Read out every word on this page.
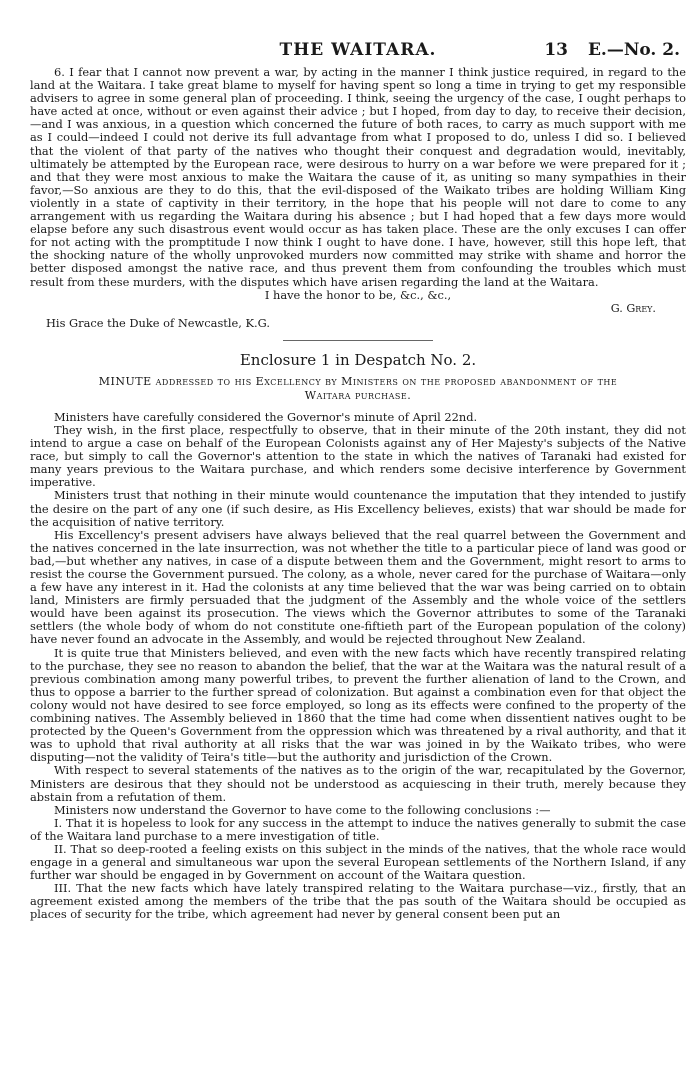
THE WAITARA.	13 E.—No. 2.

6. I fear that I cannot now prevent a war, by acting in the manner I think justice required, in regard to the land at the Waitara. I take great blame to myself for having spent so long a time in trying to get my responsible advisers to agree in some general plan of proceeding. I think, seeing the urgency of the case, I ought perhaps to have acted at once, without or even against their advice ; but I hoped, from day to day, to receive their decision,—and I was anxious, in a question which concerned the future of both races, to carry as much support with me as I could—indeed I could not derive its full advantage from what I proposed to do, unless I did so. I believed that the violent of that party of the natives who thought their conquest and degradation would, inevitably, ultimately be attempted by the European race, were desirous to hurry on a war before we were prepared for it ; and that they were most anxious to make the Waitara the cause of it, as uniting so many sympathies in their favor,—So anxious are they to do this, that the evil-disposed of the Waikato tribes are holding William King violently in a state of captivity in their territory, in the hope that his people will not dare to come to any arrangement with us regarding the Waitara during his absence ; but I had hoped that a few days more would elapse before any such disastrous event would occur as has taken place. These are the only excuses I can offer for not acting with the promptitude I now think I ought to have done. I have, however, still this hope left, that the shocking nature of the wholly unprovoked murders now committed may strike with shame and horror the better disposed amongst the native race, and thus prevent them from confounding the troubles which must result from these murders, with the disputes which have arisen regarding the land at the Waitara.

I have the honor to be, &c., &c.,

G. Grey.

His Grace the Duke of Newcastle, K.G.

Enclosure 1 in Despatch No. 2.
MINUTE addressed to his Excellency by Ministers on the proposed abandonment of the
Waitara purchase.

Ministers have carefully considered the Governor's minute of April 22nd.

They wish, in the first place, respectfully to observe, that in their minute of the 20th instant, they did not intend to argue a case on behalf of the European Colonists against any of Her Majesty's subjects of the Native race, but simply to call the Governor's attention to the state in which the natives of Taranaki had existed for many years previous to the Waitara purchase, and which renders some decisive interference by Government imperative.

Ministers trust that nothing in their minute would countenance the imputation that they intended to justify the desire on the part of any one (if such desire, as His Excellency believes, exists) that war should be made for the acquisition of native territory.

His Excellency's present advisers have always believed that the real quarrel between the Government and the natives concerned in the late insurrection, was not whether the title to a particular piece of land was good or bad,—but whether any natives, in case of a dispute between them and the Government, might resort to arms to resist the course the Government pursued. The colony, as a whole, never cared for the purchase of Waitara—only a few have any interest in it. Had the colonists at any time believed that the war was being carried on to obtain land, Ministers are firmly persuaded that the judgment of the Assembly and the whole voice of the settlers would have been against its prosecution. The views which the Governor attributes to some of the Taranaki settlers (the whole body of whom do not constitute one-fiftieth part of the European population of the colony) have never found an advocate in the Assembly, and would be rejected throughout New Zealand.

It is quite true that Ministers believed, and even with the new facts which have recently transpired relating to the purchase, they see no reason to abandon the belief, that the war at the Waitara was the natural result of a previous combination among many powerful tribes, to prevent the further alienation of land to the Crown, and thus to oppose a barrier to the further spread of colonization. But against a combination even for that object the colony would not have desired to see force employed, so long as its effects were confined to the property of the combining natives. The Assembly believed in 1860 that the time had come when dissentient natives ought to be protected by the Queen's Government from the oppression which was threatened by a rival authority, and that it was to uphold that rival authority at all risks that the war was joined in by the Waikato tribes, who were disputing—not the validity of Teira's title—but the authority and jurisdiction of the Crown.

With respect to several statements of the natives as to the origin of the war, recapitulated by the Governor, Ministers are desirous that they should not be understood as acquiescing in their truth, merely because they abstain from a refutation of them.

Ministers now understand the Governor to have come to the following conclusions :—

I. That it is hopeless to look for any success in the attempt to induce the natives generally to submit the case of the Waitara land purchase to a mere investigation of title.

II. That so deep-rooted a feeling exists on this subject in the minds of the natives, that the whole race would engage in a general and simultaneous war upon the several European settlements of the Northern Island, if any further war should be engaged in by Government on account of the Waitara question.

III. That the new facts which have lately transpired relating to the Waitara purchase—viz., firstly, that an agreement existed among the members of the tribe that the pas south of the Waitara should be occupied as places of security for the tribe, which agreement had never by general consent been put an
